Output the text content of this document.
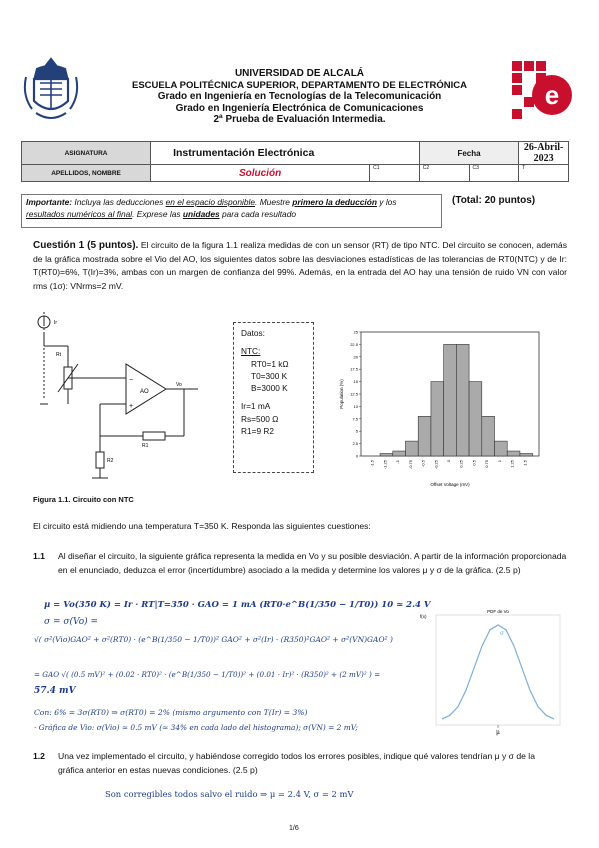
e
UNIVERSIDAD DE ALCALÁ
ESCUELA POLITÉCNICA SUPERIOR, DEPARTAMENTO DE ELECTRÓNICA
Grado en Ingeniería en Tecnologías de la Telecomunicación
Grado en Ingeniería Electrónica de Comunicaciones
2ª Prueba de Evaluación Intermedia.
ASIGNATURA	Instrumentación Electrónica		Fecha		26-Abril-2023
APELLIDOS, NOMBRE	Solución	C1	C2	C3	T
Importante: Incluya las deducciones en el espacio disponible. Muestre primero la deducción y los resultados numéricos al final. Exprese las unidades para cada resultado
(Total: 20 puntos)
Cuestión 1 (5 puntos). El circuito de la figura 1.1 realiza medidas de con un sensor (RT) de tipo NTC. Del circuito se conocen, además de la gráfica mostrada sobre el Vio del AO, los siguientes datos sobre las desviaciones estadísticas de las tolerancias de RT0(NTC) y de Ir: T(RT0)=6%, T(Ir)=3%, ambas con un margen de confianza del 99%. Además, en la entrada del AO hay una tensión de ruido VN con valor rms (1σ): VNrms=2 mV.
Ir
Rt
AO
−
+
Vo
R1
R2
Datos:
NTC:
RT0=1 kΩ
T0=300 K
B=3000 K
Ir=1 mA
Rs=500 Ω
R1=9 R2
0
2.5
5
7.5
10
12.5
15
17.5
20
22.5
25
-1.5 -1.25 -1 -0.75 -0.5 -0.25 0 0.25 0.5 0.75 1 1.25 1.5
Offset Voltage (mV)
Population (%)
Figura 1.1. Circuito con NTC
El circuito está midiendo una temperatura T=350 K. Responda las siguientes cuestiones:
1.1 Al diseñar el circuito, la siguiente gráfica representa la medida en Vo y su posible desviación. A partir de la información proporcionada en el enunciado, deduzca el error (incertidumbre) asociado a la medida y determine los valores μ y σ de la gráfica. (2.5 p)
μ = Vo(350 K) = Ir · RT|T=350 · GAO = 1 mA (RT0·e^B(1/350 − 1/T0)) 10 ≃ 2.4 V
σ = σ(Vo) =
√( σ²(Vio)GAO² + σ²(RT0) · (e^B(1/350 − 1/T0))² GAO² + σ²(Ir) · (R350)²GAO² + σ²(VN)GAO² )
= GAO √( (0.5 mV)² + (0.02 · RT0)² · (e^B(1/350 − 1/T0))² + (0.01 · Ir)² · (R350)² + (2 mV)² ) =
57.4 mV
Con: 6% = 3σ(RT0) ⇒ σ(RT0) = 2% (mismo argumento con T(Ir) = 3%)
· Gráfica de Vio: σ(Vio) ≈ 0.5 mV (≈ 34% en cada lado del histograma); σ(VN) = 2 mV;
PDF de Vo
f(x)
μ
σ
1.2 Una vez implementado el circuito, y habiéndose corregido todos los errores posibles, indique qué valores tendrían μ y σ de la gráfica anterior en estas nuevas condiciones. (2.5 p)
Son corregibles todos salvo el ruido ⇒ μ = 2.4 V, σ = 2 mV
1/6
